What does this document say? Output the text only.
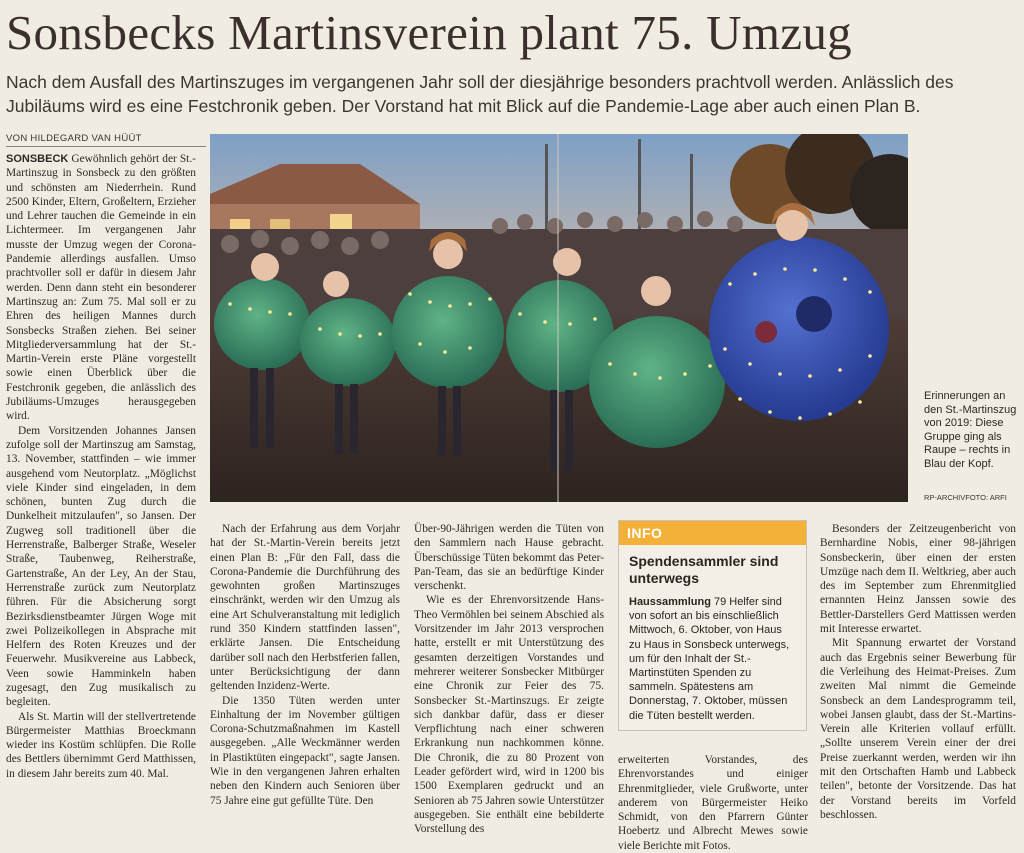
Sonsbecks Martinsverein plant 75. Umzug
Nach dem Ausfall des Martinszuges im vergangenen Jahr soll der diesjährige besonders prachtvoll werden. Anlässlich des Jubiläums wird es eine Festchronik geben. Der Vorstand hat mit Blick auf die Pandemie-Lage aber auch einen Plan B.
VON HILDEGARD VAN HÜÜT

SONSBECK Gewöhnlich gehört der St.-Martinszug in Sonsbeck zu den größten und schönsten am Niederrhein. Rund 2500 Kinder, Eltern, Großeltern, Erzieher und Lehrer tauchen die Gemeinde in ein Lichtermeer. Im vergangenen Jahr musste der Umzug wegen der Corona-Pandemie allerdings ausfallen. Umso prachtvoller soll er dafür in diesem Jahr werden. Denn dann steht ein besonderer Martinszug an: Zum 75. Mal soll er zu Ehren des heiligen Mannes durch Sonsbecks Straßen ziehen. Bei seiner Mitgliederversammlung hat der St.-Martin-Verein erste Pläne vorgestellt sowie einen Überblick über die Festchronik gegeben, die anlässlich des Jubiläums-Umzuges herausgegeben wird.

Dem Vorsitzenden Johannes Jansen zufolge soll der Martinszug am Samstag, 13. November, stattfinden – wie immer ausgehend vom Neutorplatz. „Möglichst viele Kinder sind eingeladen, in dem schönen, bunten Zug durch die Dunkelheit mitzulaufen", so Jansen. Der Zugweg soll traditionell über die Herrenstraße, Balberger Straße, Weseler Straße, Taubenweg, Reiherstraße, Gartenstraße, An der Ley, An der Stau, Herrenstraße zurück zum Neutorplatz führen. Für die Absicherung sorgt Bezirksdienstbeamter Jürgen Woge mit zwei Polizeikollegen in Absprache mit Helfern des Roten Kreuzes und der Feuerwehr. Musikvereine aus Labbeck, Veen sowie Hamminkeln haben zugesagt, den Zug musikalisch zu begleiten.

Als St. Martin will der stellvertretende Bürgermeister Matthias Broeckmann wieder ins Kostüm schlüpfen. Die Rolle des Bettlers übernimmt Gerd Matthissen, in diesem Jahr bereits zum 40. Mal.

Erinnerungen an den St.-Martinszug von 2019: Diese Gruppe ging als Raupe – rechts in Blau der Kopf.
RP-ARCHIVFOTO: ARFI

Nach der Erfahrung aus dem Vorjahr hat der St.-Martin-Verein bereits jetzt einen Plan B: „Für den Fall, dass die Corona-Pandemie die Durchführung des gewohnten großen Martinszuges einschränkt, werden wir den Umzug als eine Art Schulveranstaltung mit lediglich rund 350 Kindern stattfinden lassen", erklärte Jansen. Die Entscheidung darüber soll nach den Herbstferien fallen, unter Berücksichtigung der dann geltenden Inzidenz-Werte.

Die 1350 Tüten werden unter Einhaltung der im November gültigen Corona-Schutzmaßnahmen im Kastell ausgegeben. „Alle Weckmänner werden in Plastiktüten eingepackt", sagte Jansen. Wie in den vergangenen Jahren erhalten neben den Kindern auch Senioren über 75 Jahre eine gut gefüllte Tüte. Den

Über-90-Jährigen werden die Tüten von den Sammlern nach Hause gebracht. Überschüssige Tüten bekommt das Peter-Pan-Team, das sie an bedürftige Kinder verschenkt.

Wie es der Ehrenvorsitzende Hans-Theo Vermöhlen bei seinem Abschied als Vorsitzender im Jahr 2013 versprochen hatte, erstellt er mit Unterstützung des gesamten derzeitigen Vorstandes und mehrerer weiterer Sonsbecker Mitbürger eine Chronik zur Feier des 75. Sonsbecker St.-Martinszugs. Er zeigte sich dankbar dafür, dass er dieser Verpflichtung nach einer schweren Erkrankung nun nachkommen könne. Die Chronik, die zu 80 Prozent von Leader gefördert wird, wird in 1200 bis 1500 Exemplaren gedruckt und an Senioren ab 75 Jahren sowie Unterstützer ausgegeben. Sie enthält eine bebilderte Vorstellung des

INFO
Spendensammler sind unterwegs
Haussammlung 79 Helfer sind von sofort an bis einschließlich Mittwoch, 6. Oktober, von Haus zu Haus in Sonsbeck unterwegs, um für den Inhalt der St.-Martinstüten Spenden zu sammeln. Spätestens am Donnerstag, 7. Oktober, müssen die Tüten bestellt werden.

erweiterten Vorstandes, des Ehrenvorstandes und einiger Ehrenmitglieder, viele Grußworte, unter anderem von Bürgermeister Heiko Schmidt, von den Pfarrern Günter Hoebertz und Albrecht Mewes sowie viele Berichte mit Fotos.

Besonders der Zeitzeugenbericht von Bernhardine Nobis, einer 98-jährigen Sonsbeckerin, über einen der ersten Umzüge nach dem II. Weltkrieg, aber auch des im September zum Ehrenmitglied ernannten Heinz Janssen sowie des Bettler-Darstellers Gerd Mattissen werden mit Interesse erwartet.

Mit Spannung erwartet der Vorstand auch das Ergebnis seiner Bewerbung für die Verleihung des Heimat-Preises. Zum zweiten Mal nimmt die Gemeinde Sonsbeck an dem Landesprogramm teil, wobei Jansen glaubt, dass der St.-Martins-Verein alle Kriterien vollauf erfüllt. „Sollte unserem Verein einer der drei Preise zuerkannt werden, werden wir ihn mit den Ortschaften Hamb und Labbeck teilen", betonte der Vorsitzende. Das hat der Vorstand bereits im Vorfeld beschlossen.
